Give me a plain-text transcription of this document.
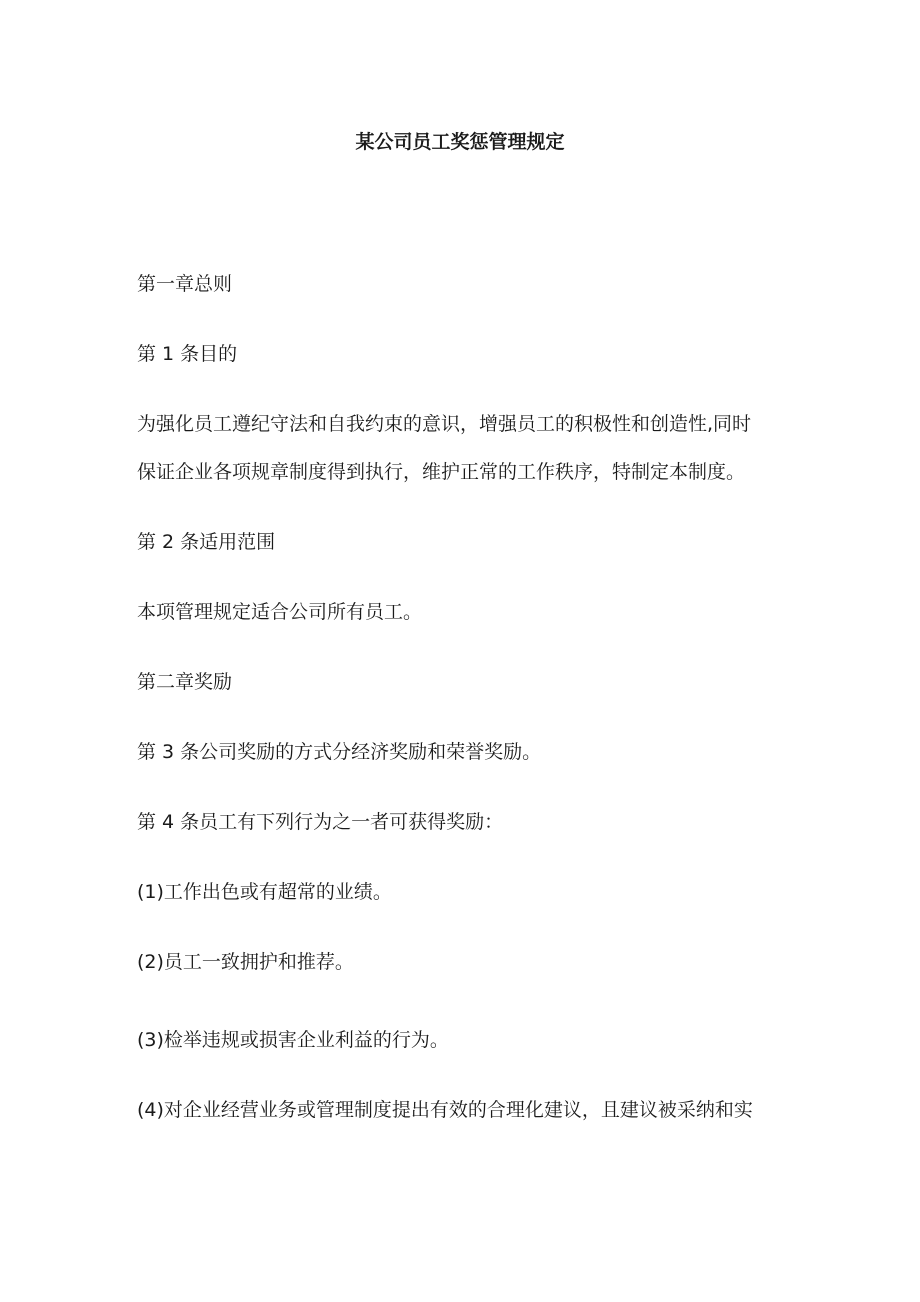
某公司员工奖惩管理规定

第一章总则

第 1 条目的

为强化员工遵纪守法和自我约束的意识，增强员工的积极性和创造性,同时

保证企业各项规章制度得到执行，维护正常的工作秩序，特制定本制度。

第 2 条适用范围

本项管理规定适合公司所有员工。

第二章奖励

第 3 条公司奖励的方式分经济奖励和荣誉奖励。

第 4 条员工有下列行为之一者可获得奖励：

(1)工作出色或有超常的业绩。

(2)员工一致拥护和推荐。

(3)检举违规或损害企业利益的行为。

(4)对企业经营业务或管理制度提出有效的合理化建议，且建议被采纳和实
